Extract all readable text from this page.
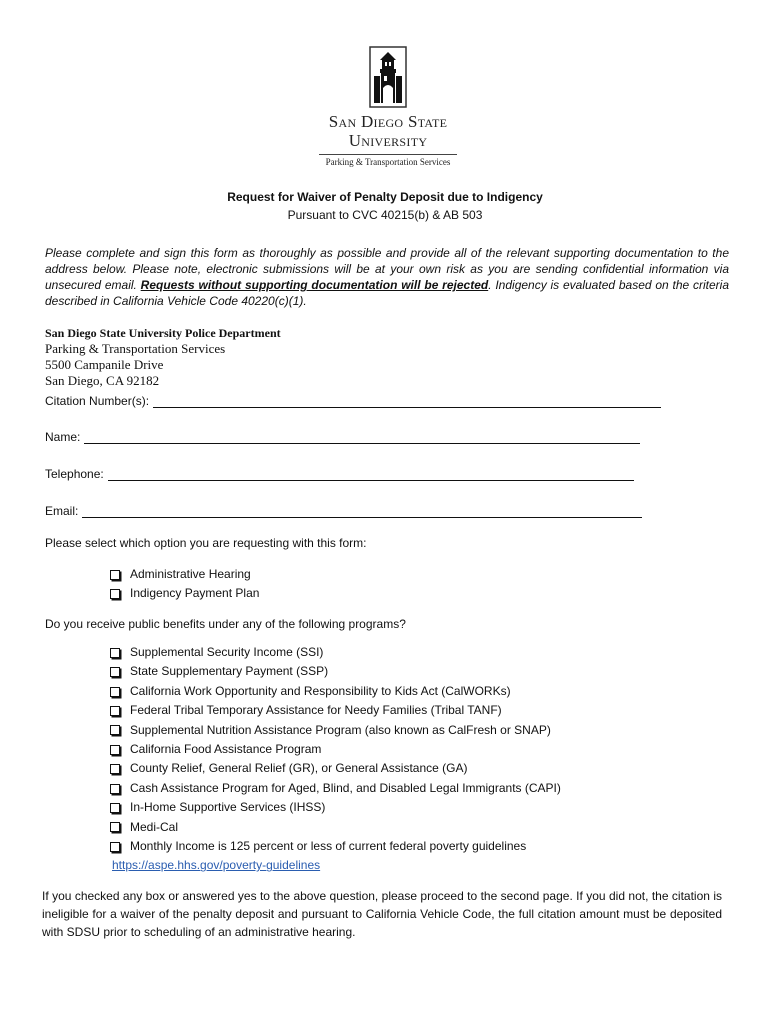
San Diego State
University
Parking & Transportation Services
Request for Waiver of Penalty Deposit due to Indigency
Pursuant to CVC 40215(b) & AB 503
Please complete and sign this form as thoroughly as possible and provide all of the relevant supporting documentation to the address below. Please note, electronic submissions will be at your own risk as you are sending confidential information via unsecured email. Requests without supporting documentation will be rejected. Indigency is evaluated based on the criteria described in California Vehicle Code 40220(c)(1).
San Diego State University Police Department
Parking & Transportation Services
5500 Campanile Drive
San Diego, CA 92182
Citation Number(s):
Name:
Telephone:
Email:
Please select which option you are requesting with this form:
Administrative Hearing
Indigency Payment Plan
Do you receive public benefits under any of the following programs?
Supplemental Security Income (SSI)
State Supplementary Payment (SSP)
California Work Opportunity and Responsibility to Kids Act (CalWORKs)
Federal Tribal Temporary Assistance for Needy Families (Tribal TANF)
Supplemental Nutrition Assistance Program (also known as CalFresh or SNAP)
California Food Assistance Program
County Relief, General Relief (GR), or General Assistance (GA)
Cash Assistance Program for Aged, Blind, and Disabled Legal Immigrants (CAPI)
In-Home Supportive Services (IHSS)
Medi-Cal
Monthly Income is 125 percent or less of current federal poverty guidelines
https://aspe.hhs.gov/poverty-guidelines
If you checked any box or answered yes to the above question, please proceed to the second page. If you did not, the citation is ineligible for a waiver of the penalty deposit and pursuant to California Vehicle Code, the full citation amount must be deposited with SDSU prior to scheduling of an administrative hearing.
